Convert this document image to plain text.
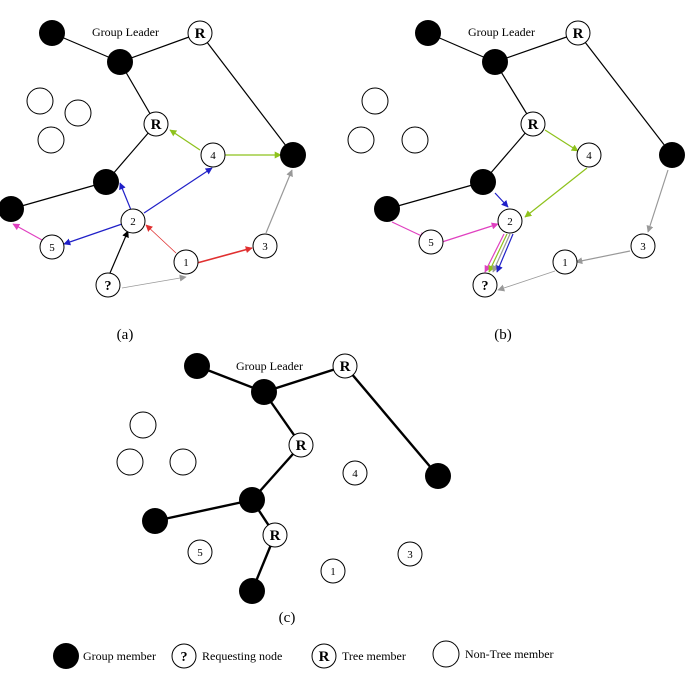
R
R
Group Leader
4
2
5
1
3
?
(a)
R
R
Group Leader
4
2
5
1
3
?
(b)
R
R
R
Group Leader
4
5
1
3
(c)
Group member ? Requesting node R Tree member	Non-Tree member
